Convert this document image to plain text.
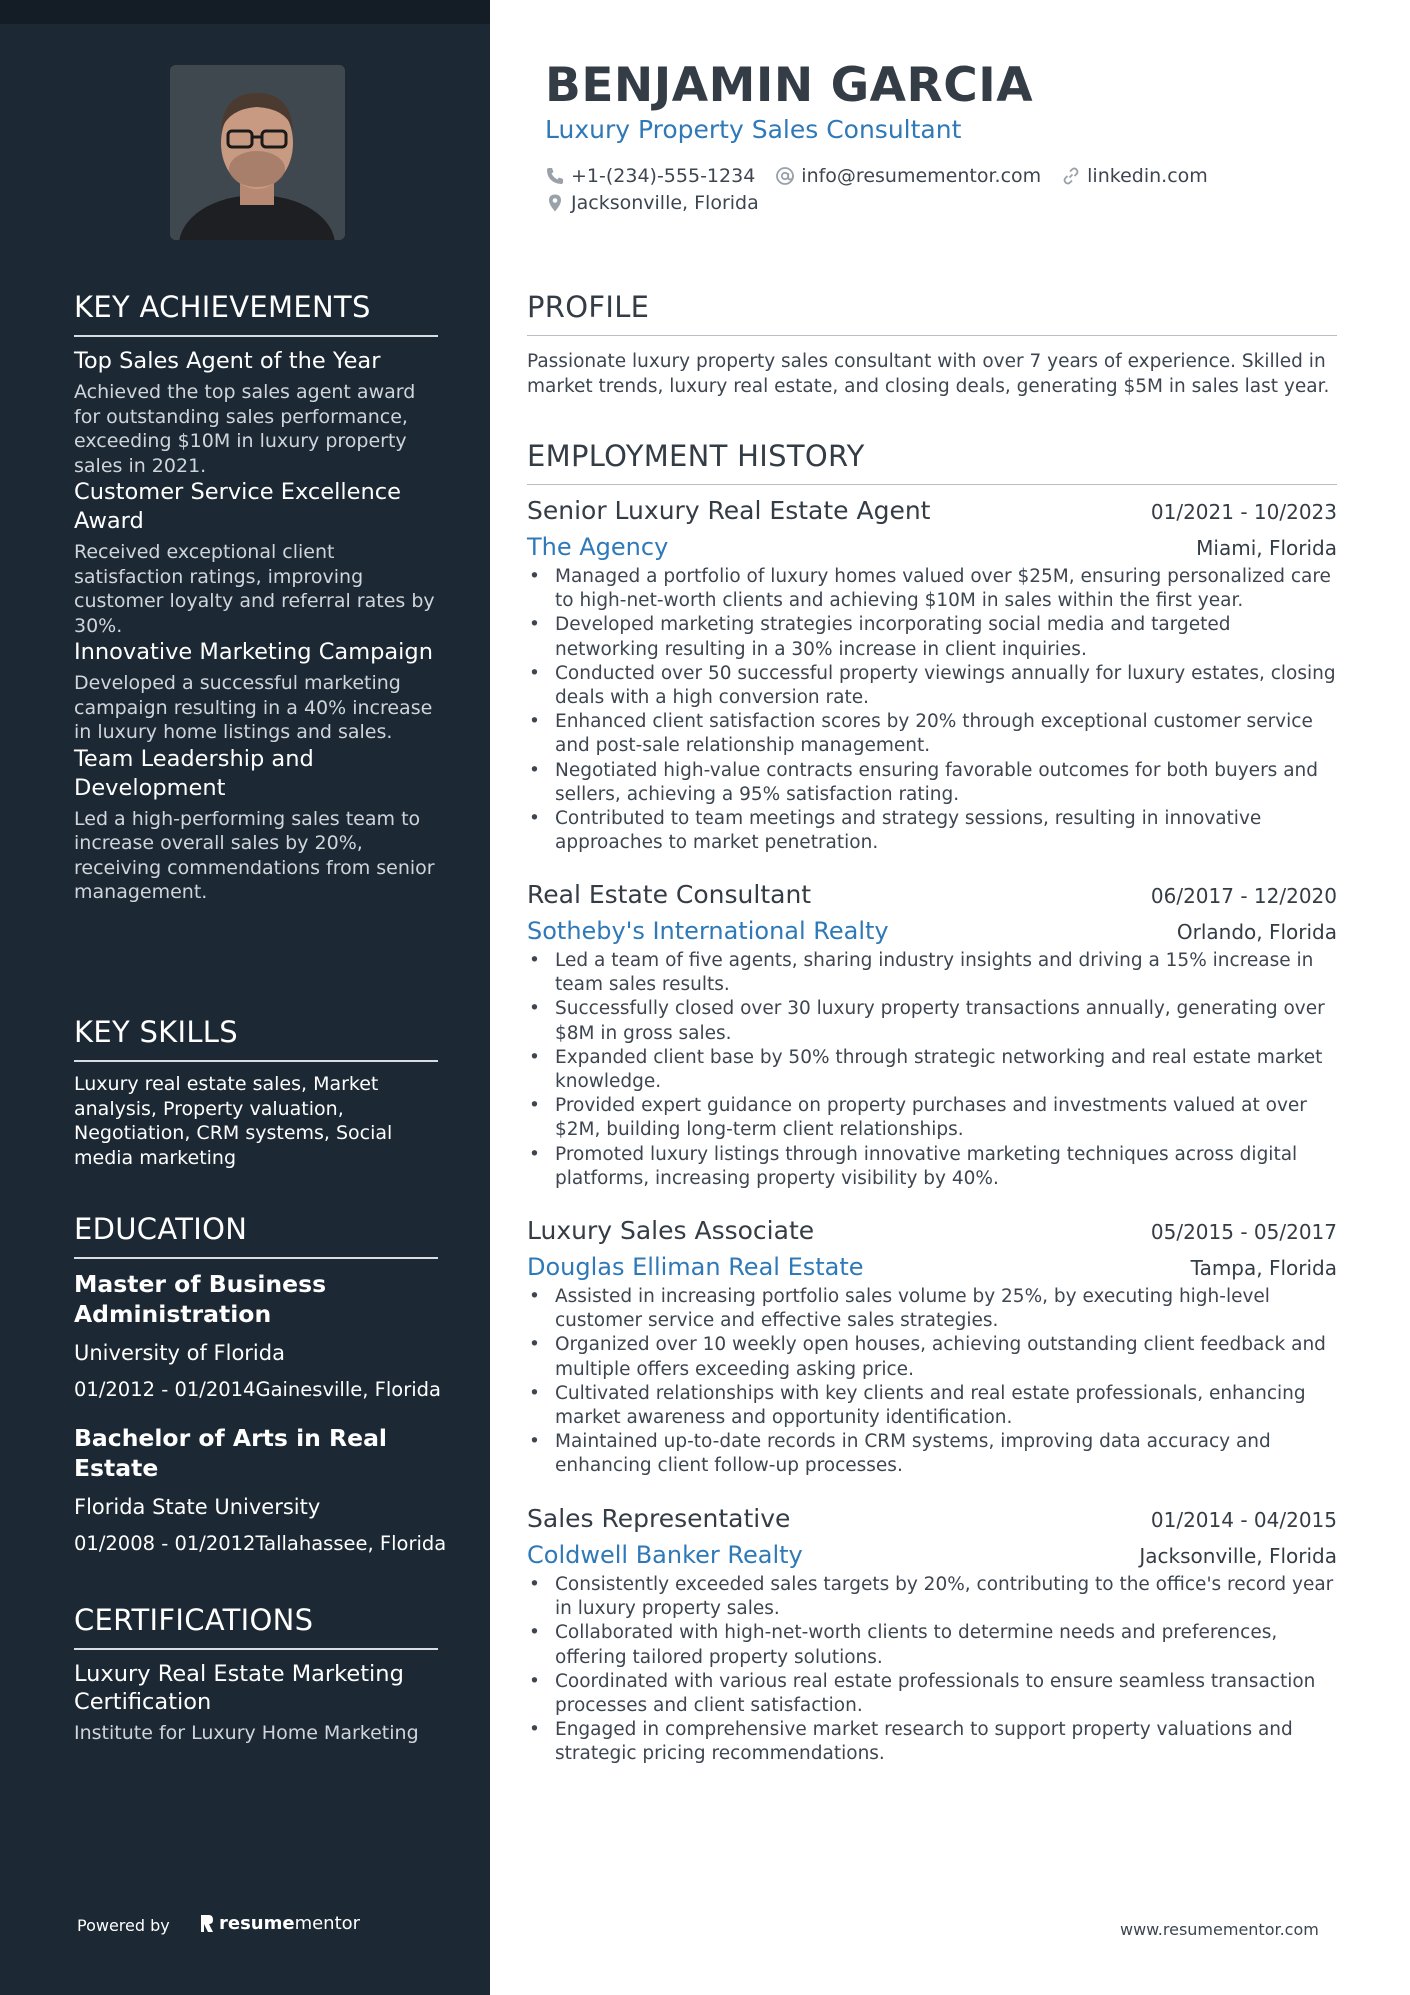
KEY ACHIEVEMENTS
Top Sales Agent of the Year
Achieved the top sales agent award for outstanding sales performance, exceeding $10M in luxury property sales in 2021.
Customer Service Excellence Award
Received exceptional client satisfaction ratings, improving customer loyalty and referral rates by 30%.
Innovative Marketing Campaign
Developed a successful marketing campaign resulting in a 40% increase in luxury home listings and sales.
Team Leadership and Development
Led a high-performing sales team to increase overall sales by 20%, receiving commendations from senior management.
KEY SKILLS
Luxury real estate sales, Market analysis, Property valuation, Negotiation, CRM systems, Social media marketing
EDUCATION
Master of Business Administration
University of Florida
01/2012 - 01/2014 Gainesville, Florida
Bachelor of Arts in Real Estate
Florida State University
01/2008 - 01/2012 Tallahassee, Florida
CERTIFICATIONS
Luxury Real Estate Marketing Certification
Institute for Luxury Home Marketing
Powered by	resume mentor
BENJAMIN GARCIA
Luxury Property Sales Consultant
+1-(234)-555-1234 info@resumementor.com linkedin.com
Jacksonville, Florida
PROFILE
Passionate luxury property sales consultant with over 7 years of experience. Skilled in market trends, luxury real estate, and closing deals, generating $5M in sales last year.
EMPLOYMENT HISTORY
Senior Luxury Real Estate Agent	01/2021 - 10/2023
The Agency	Miami, Florida
• Managed a portfolio of luxury homes valued over $25M, ensuring personalized care to high-net-worth clients and achieving $10M in sales within the first year.
• Developed marketing strategies incorporating social media and targeted networking resulting in a 30% increase in client inquiries.
• Conducted over 50 successful property viewings annually for luxury estates, closing deals with a high conversion rate.
• Enhanced client satisfaction scores by 20% through exceptional customer service and post-sale relationship management.
• Negotiated high-value contracts ensuring favorable outcomes for both buyers and sellers, achieving a 95% satisfaction rating.
• Contributed to team meetings and strategy sessions, resulting in innovative approaches to market penetration.
Real Estate Consultant	06/2017 - 12/2020
Sotheby's International Realty	Orlando, Florida
• Led a team of five agents, sharing industry insights and driving a 15% increase in team sales results.
• Successfully closed over 30 luxury property transactions annually, generating over $8M in gross sales.
• Expanded client base by 50% through strategic networking and real estate market knowledge.
• Provided expert guidance on property purchases and investments valued at over $2M, building long-term client relationships.
• Promoted luxury listings through innovative marketing techniques across digital platforms, increasing property visibility by 40%.
Luxury Sales Associate	05/2015 - 05/2017
Douglas Elliman Real Estate	Tampa, Florida
• Assisted in increasing portfolio sales volume by 25%, by executing high-level customer service and effective sales strategies.
• Organized over 10 weekly open houses, achieving outstanding client feedback and multiple offers exceeding asking price.
• Cultivated relationships with key clients and real estate professionals, enhancing market awareness and opportunity identification.
• Maintained up-to-date records in CRM systems, improving data accuracy and enhancing client follow-up processes.
Sales Representative	01/2014 - 04/2015
Coldwell Banker Realty	Jacksonville, Florida
• Consistently exceeded sales targets by 20%, contributing to the office's record year in luxury property sales.
• Collaborated with high-net-worth clients to determine needs and preferences, offering tailored property solutions.
• Coordinated with various real estate professionals to ensure seamless transaction processes and client satisfaction.
• Engaged in comprehensive market research to support property valuations and strategic pricing recommendations.
www.resumementor.com
